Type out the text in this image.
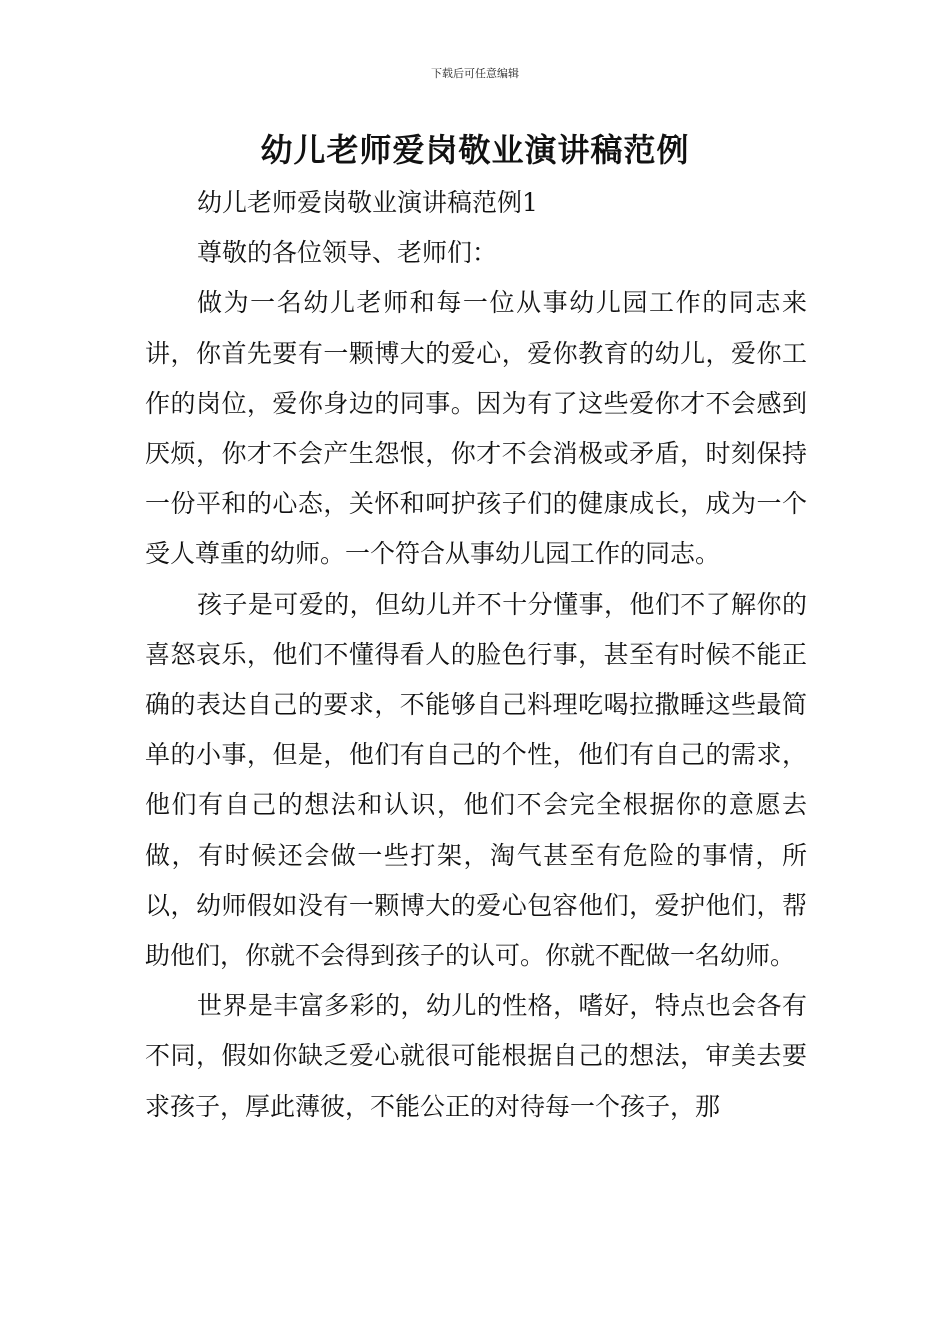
下载后可任意编辑
幼儿老师爱岗敬业演讲稿范例

幼儿老师爱岗敬业演讲稿范例1

尊敬的各位领导、老师们：

做为一名幼儿老师和每一位从事幼儿园工作的同志来讲，你首先要有一颗博大的爱心，爱你教育的幼儿，爱你工作的岗位，爱你身边的同事。因为有了这些爱你才不会感到厌烦，你才不会产生怨恨，你才不会消极或矛盾，时刻保持一份平和的心态，关怀和呵护孩子们的健康成长，成为一个受人尊重的幼师。一个符合从事幼儿园工作的同志。

孩子是可爱的，但幼儿并不十分懂事，他们不了解你的喜怒哀乐，他们不懂得看人的脸色行事，甚至有时候不能正确的表达自己的要求，不能够自己料理吃喝拉撒睡这些最简单的小事，但是，他们有自己的个性，他们有自己的需求，他们有自己的想法和认识，他们不会完全根据你的意愿去做，有时候还会做一些打架，淘气甚至有危险的事情，所以，幼师假如没有一颗博大的爱心包容他们，爱护他们，帮助他们，你就不会得到孩子的认可。你就不配做一名幼师。

世界是丰富多彩的，幼儿的性格，嗜好，特点也会各有不同，假如你缺乏爱心就很可能根据自己的想法，审美去要求孩子，厚此薄彼，不能公正的对待每一个孩子，那
